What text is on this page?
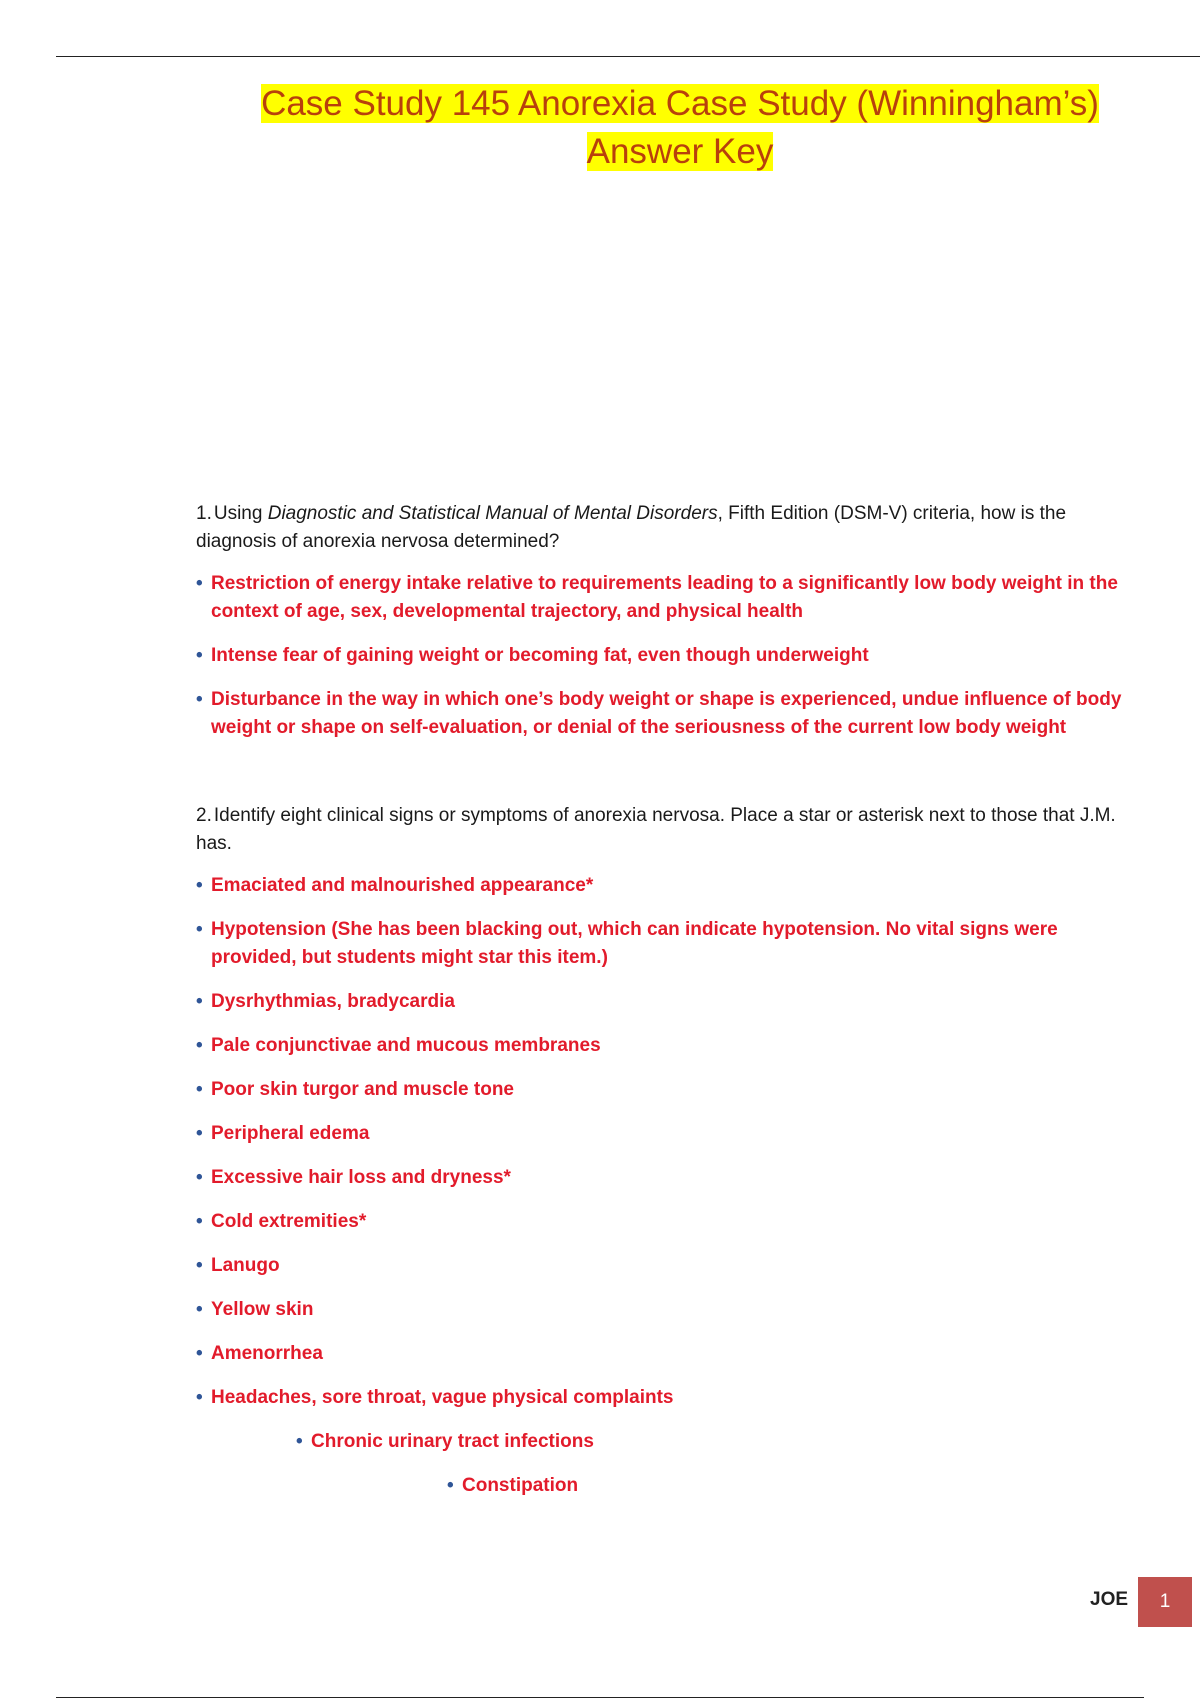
Case Study 145 Anorexia Case Study (Winningham’s)
Answer Key

1. Using Diagnostic and Statistical Manual of Mental Disorders, Fifth Edition (DSM-V) criteria, how is the diagnosis of anorexia nervosa determined?

• Restriction of energy intake relative to requirements leading to a significantly low body weight in the context of age, sex, developmental trajectory, and physical health
• Intense fear of gaining weight or becoming fat, even though underweight
• Disturbance in the way in which one’s body weight or shape is experienced, undue influence of body weight or shape on self-evaluation, or denial of the seriousness of the current low body weight

2. Identify eight clinical signs or symptoms of anorexia nervosa. Place a star or asterisk next to those that J.M. has.

• Emaciated and malnourished appearance*
• Hypotension (She has been blacking out, which can indicate hypotension. No vital signs were provided, but students might star this item.)
• Dysrhythmias, bradycardia
• Pale conjunctivae and mucous membranes
• Poor skin turgor and muscle tone
• Peripheral edema
• Excessive hair loss and dryness*
• Cold extremities*
• Lanugo
• Yellow skin
• Amenorrhea
• Headaches, sore throat, vague physical complaints
• Chronic urinary tract infections
• Constipation
JOE	1
